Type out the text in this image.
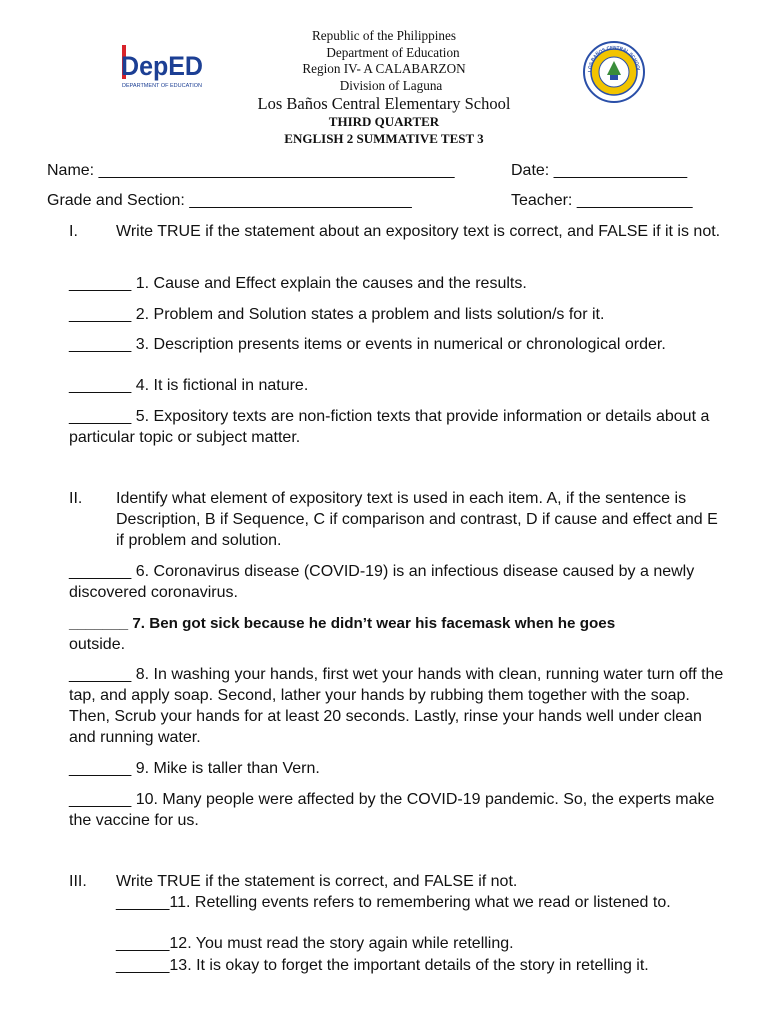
DepED
DEPARTMENT OF EDUCATION
LOS BAÑOS CENTRAL SCHOOL
Republic of the Philippines
Department of Education
Region IV- A CALABARZON
Division of Laguna
Los Baños Central Elementary School
THIRD QUARTER
ENGLISH 2 SUMMATIVE TEST 3
Name: ________________________________________	Date: _______________
Grade and Section: _________________________	Teacher: _____________
I. Write TRUE if the statement about an expository text is correct, and FALSE if it is not.
_______ 1. Cause and Effect explain the causes and the results.
_______ 2. Problem and Solution states a problem and lists solution/s for it.
_______ 3. Description presents items or events in numerical or chronological order.
_______ 4. It is fictional in nature.
_______ 5. Expository texts are non-fiction texts that provide information or details about a particular topic or subject matter.
II. Identify what element of expository text is used in each item. A, if the sentence is Description, B if Sequence, C if comparison and contrast, D if cause and effect and E if problem and solution.
_______ 6. Coronavirus disease (COVID-19) is an infectious disease caused by a newly discovered coronavirus.
_______ 7. Ben got sick because he didn’t wear his facemask when he goes
outside.
_______ 8. In washing your hands, first wet your hands with clean, running water turn off the tap, and apply soap. Second, lather your hands by rubbing them together with the soap. Then, Scrub your hands for at least 20 seconds. Lastly, rinse your hands well under clean and running water.
_______ 9. Mike is taller than Vern.
_______ 10. Many people were affected by the COVID-19 pandemic. So, the experts make the vaccine for us.
III. Write TRUE if the statement is correct, and FALSE if not.
______11. Retelling events refers to remembering what we read or listened to.
______12. You must read the story again while retelling.
______13. It is okay to forget the important details of the story in retelling it.
